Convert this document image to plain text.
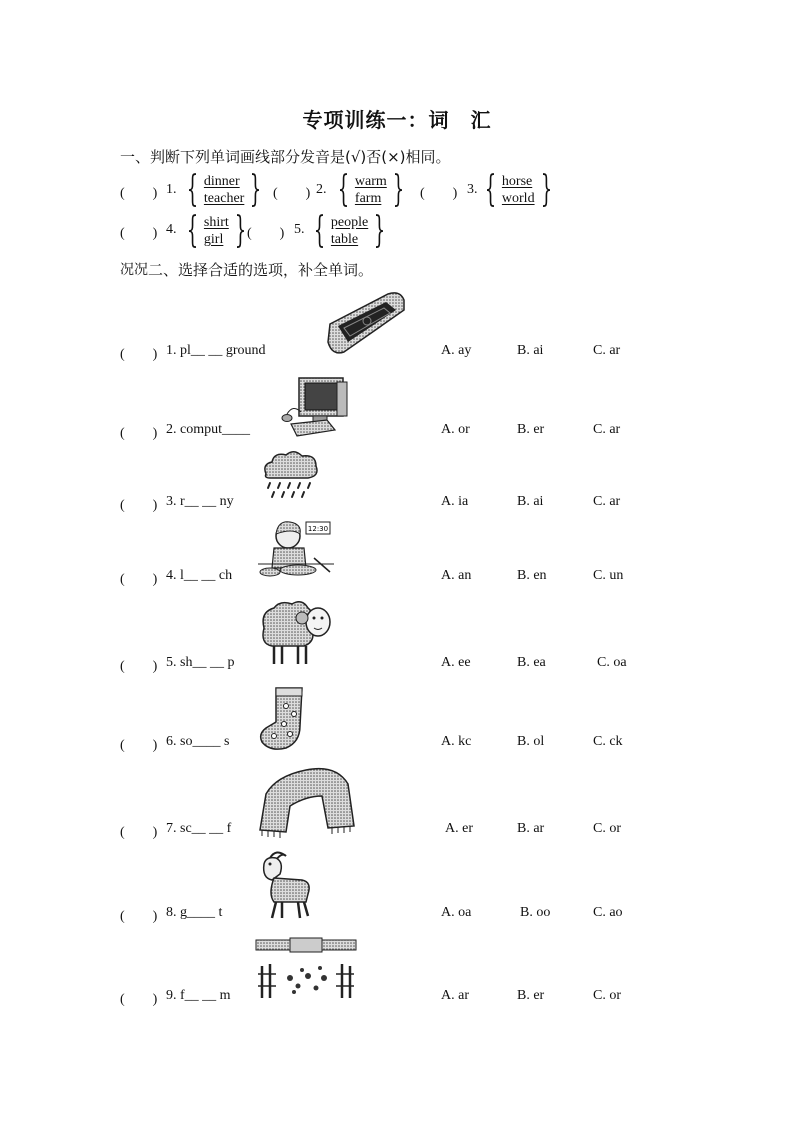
专项训练一：词　汇
一、判断下列单词画线部分发音是(√)否(×)相同。
(　　) 1. { dinner
teacher } (　　) 2. { warm
farm } (　　) 3. { horse
world }
(　　) 4. { shirt
girl } (　　) 5. { people
table }
况况 二、选择合适的选项，补全单词。
(　　) 1. pl__ __ ground	A. ay	B. ai	C. ar
(　　) 2. comput____	A. or	B. er	C. ar
(　　) 3. r__ __ ny	A. ia	B. ai	C. ar
(　　) 4. l__ __ ch	A. an	B. en	C. un
(　　) 5. sh__ __ p	A. ee	B. ea	C. oa
(　　) 6. so____ s	A. kc	B. ol	C. ck
(　　) 7. sc__ __ f	A. er	B. ar	C. or
(　　) 8. g____ t	A. oa	B. oo	C. ao
(　　) 9. f__ __ m	A. ar	B. er	C. or
12:30
